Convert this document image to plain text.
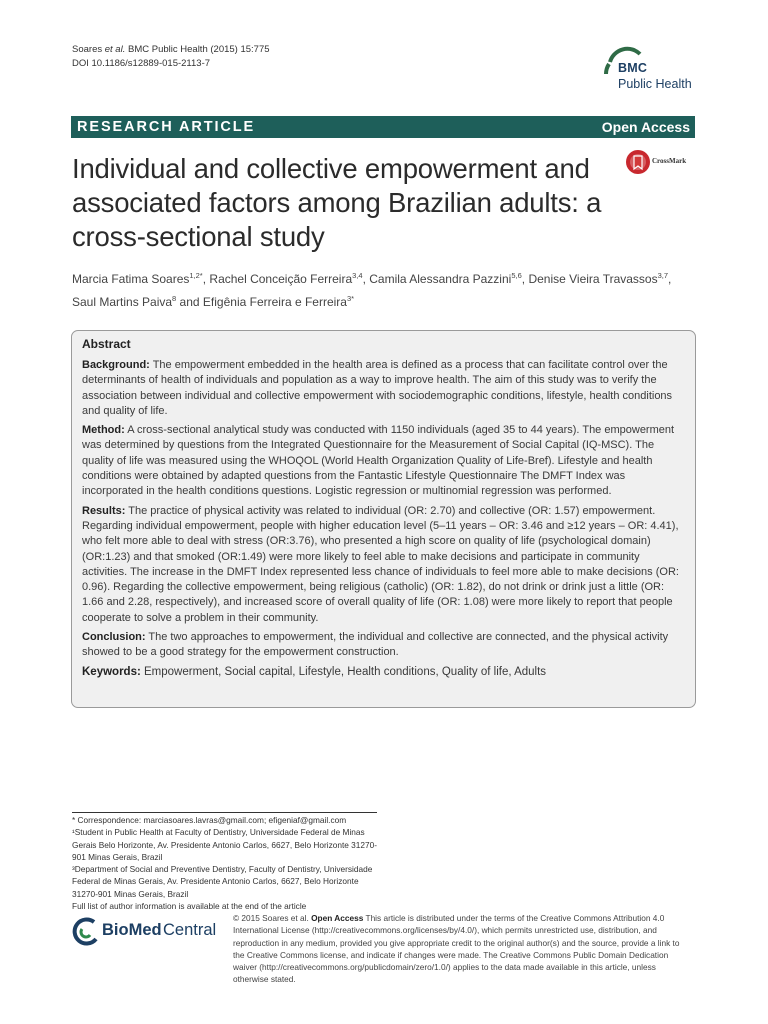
Soares et al. BMC Public Health (2015) 15:775
DOI 10.1186/s12889-015-2113-7	BMC
Public Health
RESEARCH ARTICLE	Open Access
Individual and collective empowerment and associated factors among Brazilian adults: a cross-sectional study
CrossMark
Marcia Fatima Soares$^{1,2*}$, Rachel Conceição Ferreira$^{3,4}$, Camila Alessandra Pazzini$^{5,6}$, Denise Vieira Travassos$^{3,7}$,
Saul Martins Paiva$^8$ and Efigênia Ferreira e Ferreira$^{3*}$
Abstract

Background: The empowerment embedded in the health area is defined as a process that can facilitate control over the determinants of health of individuals and population as a way to improve health. The aim of this study was to verify the association between individual and collective empowerment with sociodemographic conditions, lifestyle, health conditions and quality of life.

Method: A cross-sectional analytical study was conducted with 1150 individuals (aged 35 to 44 years). The empowerment was determined by questions from the Integrated Questionnaire for the Measurement of Social Capital (IQ-MSC). The quality of life was measured using the WHOQOL (World Health Organization Quality of Life-Bref). Lifestyle and health conditions were obtained by adapted questions from the Fantastic Lifestyle Questionnaire The DMFT Index was incorporated in the health conditions questions. Logistic regression or multinomial regression was performed.

Results: The practice of physical activity was related to individual (OR: 2.70) and collective (OR: 1.57) empowerment. Regarding individual empowerment, people with higher education level (5–11 years – OR: 3.46 and ≥12 years – OR: 4.41), who felt more able to deal with stress (OR:3.76), who presented a high score on quality of life (psychological domain) (OR:1.23) and that smoked (OR:1.49) were more likely to feel able to make decisions and participate in community activities. The increase in the DMFT Index represented less chance of individuals to feel more able to make decisions (OR: 0.96). Regarding the collective empowerment, being religious (catholic) (OR: 1.82), do not drink or drink just a little (OR: 1.66 and 2.28, respectively), and increased score of overall quality of life (OR: 1.08) were more likely to report that people cooperate to solve a problem in their community.

Conclusion: The two approaches to empowerment, the individual and collective are connected, and the physical activity showed to be a good strategy for the empowerment construction.

Keywords: Empowerment, Social capital, Lifestyle, Health conditions, Quality of life, Adults

* Correspondence: marciasoares.lavras@gmail.com; efigeniaf@gmail.com

¹Student in Public Health at Faculty of Dentistry, Universidade Federal de Minas Gerais Belo Horizonte, Av. Presidente Antonio Carlos, 6627, Belo Horizonte 31270-901 Minas Gerais, Brazil

³Department of Social and Preventive Dentistry, Faculty of Dentistry, Universidade Federal de Minas Gerais, Av. Presidente Antonio Carlos, 6627, Belo Horizonte 31270-901 Minas Gerais, Brazil

Full list of author information is available at the end of the article

BioMed Central
© 2015 Soares et al. Open Access This article is distributed under the terms of the Creative Commons Attribution 4.0 International License (http://creativecommons.org/licenses/by/4.0/), which permits unrestricted use, distribution, and reproduction in any medium, provided you give appropriate credit to the original author(s) and the source, provide a link to the Creative Commons license, and indicate if changes were made. The Creative Commons Public Domain Dedication waiver (http://creativecommons.org/publicdomain/zero/1.0/) applies to the data made available in this article, unless otherwise stated.
